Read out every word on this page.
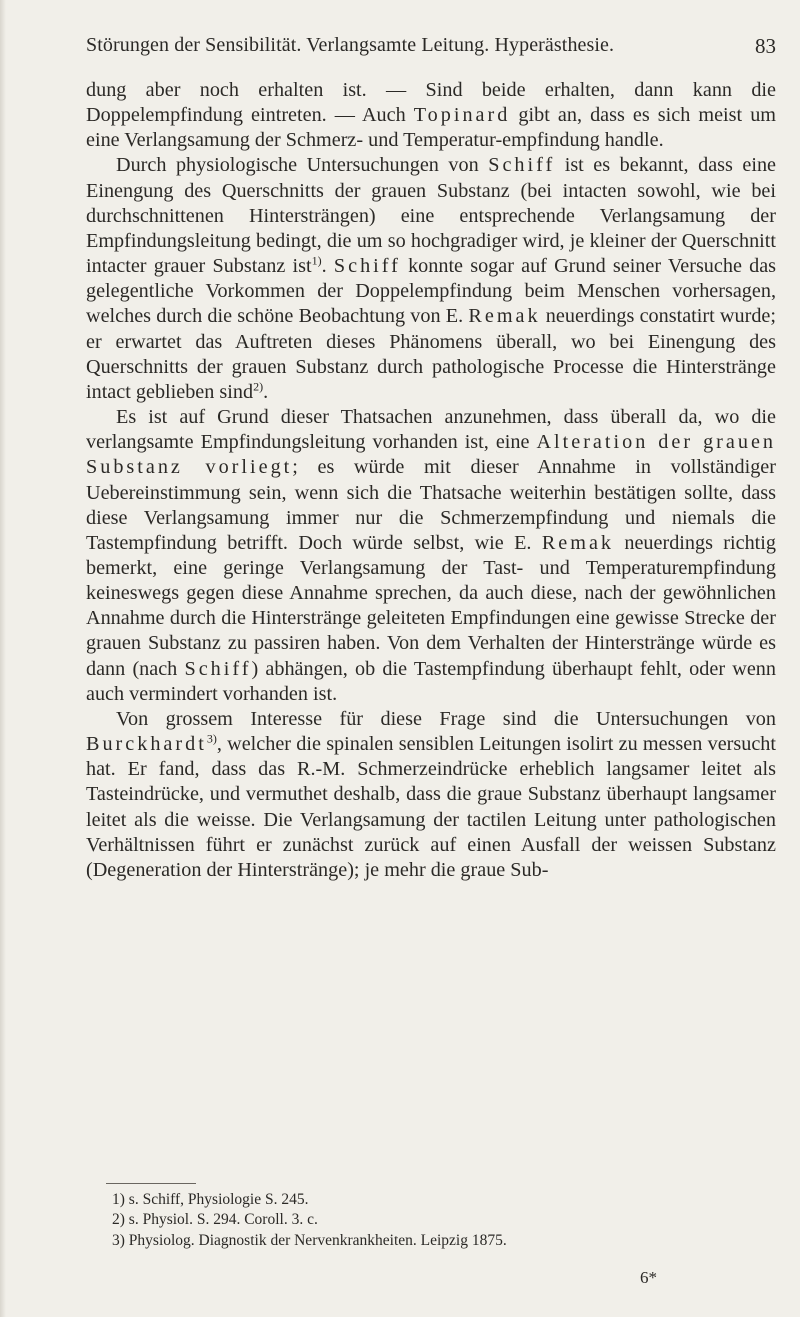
Störungen der Sensibilität. Verlangsamte Leitung. Hyperästhesie.	83

dung aber noch erhalten ist. — Sind beide erhalten, dann kann die Doppelempfindung eintreten. — Auch Topinard gibt an, dass es sich meist um eine Verlangsamung der Schmerz- und Temperatur-empfindung handle.

Durch physiologische Untersuchungen von Schiff ist es bekannt, dass eine Einengung des Querschnitts der grauen Substanz (bei intacten sowohl, wie bei durchschnittenen Hintersträngen) eine entsprechende Verlangsamung der Empfindungsleitung bedingt, die um so hochgradiger wird, je kleiner der Querschnitt intacter grauer Substanz ist$^{1)}$. Schiff konnte sogar auf Grund seiner Versuche das gelegentliche Vorkommen der Doppelempfindung beim Menschen vorhersagen, welches durch die schöne Beobachtung von E. Remak neuerdings constatirt wurde; er erwartet das Auftreten dieses Phänomens überall, wo bei Einengung des Querschnitts der grauen Substanz durch pathologische Processe die Hinterstränge intact geblieben sind$^{2)}$.

Es ist auf Grund dieser Thatsachen anzunehmen, dass überall da, wo die verlangsamte Empfindungsleitung vorhanden ist, eine Alteration der grauen Substanz vorliegt; es würde mit dieser Annahme in vollständiger Uebereinstimmung sein, wenn sich die Thatsache weiterhin bestätigen sollte, dass diese Verlangsamung immer nur die Schmerzempfindung und niemals die Tastempfindung betrifft. Doch würde selbst, wie E. Remak neuerdings richtig bemerkt, eine geringe Verlangsamung der Tast- und Temperaturempfindung keineswegs gegen diese Annahme sprechen, da auch diese, nach der gewöhnlichen Annahme durch die Hinterstränge geleiteten Empfindungen eine gewisse Strecke der grauen Substanz zu passiren haben. Von dem Verhalten der Hinterstränge würde es dann (nach Schiff) abhängen, ob die Tastempfindung überhaupt fehlt, oder wenn auch vermindert vorhanden ist.

Von grossem Interesse für diese Frage sind die Untersuchungen von Burckhardt$^{3)}$, welcher die spinalen sensiblen Leitungen isolirt zu messen versucht hat. Er fand, dass das R.-M. Schmerzeindrücke erheblich langsamer leitet als Tasteindrücke, und vermuthet deshalb, dass die graue Substanz überhaupt langsamer leitet als die weisse. Die Verlangsamung der tactilen Leitung unter pathologischen Verhältnissen führt er zunächst zurück auf einen Ausfall der weissen Substanz (Degeneration der Hinterstränge); je mehr die graue Sub-

1) s. Schiff, Physiologie S. 245.
2) s. Physiol. S. 294. Coroll. 3. c.
3) Physiolog. Diagnostik der Nervenkrankheiten. Leipzig 1875.
6*
